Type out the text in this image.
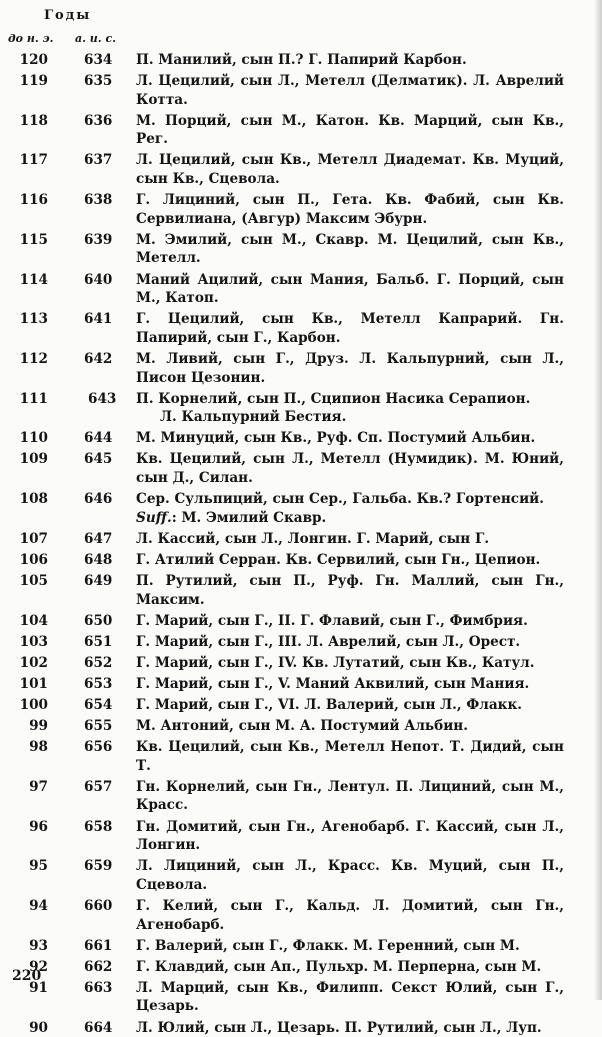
Годы
до н. э. а. и. с.
120	634 П. Манилий, сын П.? Г. Папирий Карбон.
119	635 Л. Цецилий, сын Л., Метелл (Делматик). Л. Аврелий Котта.
118	636 М. Порций, сын М., Катон. Кв. Марций, сын Кв., Рег.
117	637 Л. Цецилий, сын Кв., Метелл Диадемат. Кв. Муций, сын Кв., Сцевола.
116	638 Г. Лициний, сын П., Гета. Кв. Фабий, сын Кв. Сервилиана, (Авгур) Максим Эбурн.
115	639 М. Эмилий, сын М., Скавр. М. Цецилий, сын Кв., Метелл.
114	640 Маний Ацилий, сын Мания, Бальб. Г. Порций, сын М., Катоп.
113	641 Г. Цецилий, сын Кв., Метелл Капрарий. Гн. Папирий, сын Г., Карбон.
112	642 М. Ливий, сын Г., Друз. Л. Кальпурний, сын Л., Писон Цезонин.
111	643 П. Корнелий, сын П., Сципион Насика Серапион.
Л. Кальпурний Бестия.
110	644 М. Минуций, сын Кв., Руф. Сп. Постумий Альбин.
109	645 Кв. Цецилий, сын Л., Метелл (Нумидик). М. Юний, сын Д., Силан.
108	646 Сер. Сульпиций, сын Сер., Гальба. Кв.? Гортенсий.
Suff.: М. Эмилий Скавр.
107	647 Л. Кассий, сын Л., Лонгин. Г. Марий, сын Г.
106	648 Г. Атилий Серран. Кв. Сервилий, сын Гн., Цепион.
105	649 П. Рутилий, сын П., Руф. Гн. Маллий, сын Гн., Максим.
104	650 Г. Марий, сын Г., II. Г. Флавий, сын Г., Фимбрия.
103	651 Г. Марий, сын Г., III. Л. Аврелий, сын Л., Орест.
102	652 Г. Марий, сын Г., IV. Кв. Лутатий, сын Кв., Катул.
101	653 Г. Марий, сын Г., V. Маний Аквилий, сын Мания.
100	654 Г. Марий, сын Г., VI. Л. Валерий, сын Л., Флакк.
99	655 М. Антоний, сын М. А. Постумий Альбин.
98	656 Кв. Цецилий, сын Кв., Метелл Непот. Т. Дидий, сын Т.
97	657 Гн. Корнелий, сын Гн., Лентул. П. Лициний, сын М., Красс.
96	658 Гн. Домитий, сын Гн., Агенобарб. Г. Кассий, сын Л., Лонгин.
95	659 Л. Лициний, сын Л., Красс. Кв. Муций, сын П., Сцевола.
94	660 Г. Келий, сын Г., Кальд. Л. Домитий, сын Гн., Агенобарб.
93	661 Г. Валерий, сын Г., Флакк. М. Геренний, сын М.
92	662 Г. Клавдий, сын Ап., Пульхр. М. Перперна, сын М.
91	663 Л. Марций, сын Кв., Филипп. Секст Юлий, сын Г., Цезарь.
90	664 Л. Юлий, сын Л., Цезарь. П. Рутилий, сын Л., Луп.
220
